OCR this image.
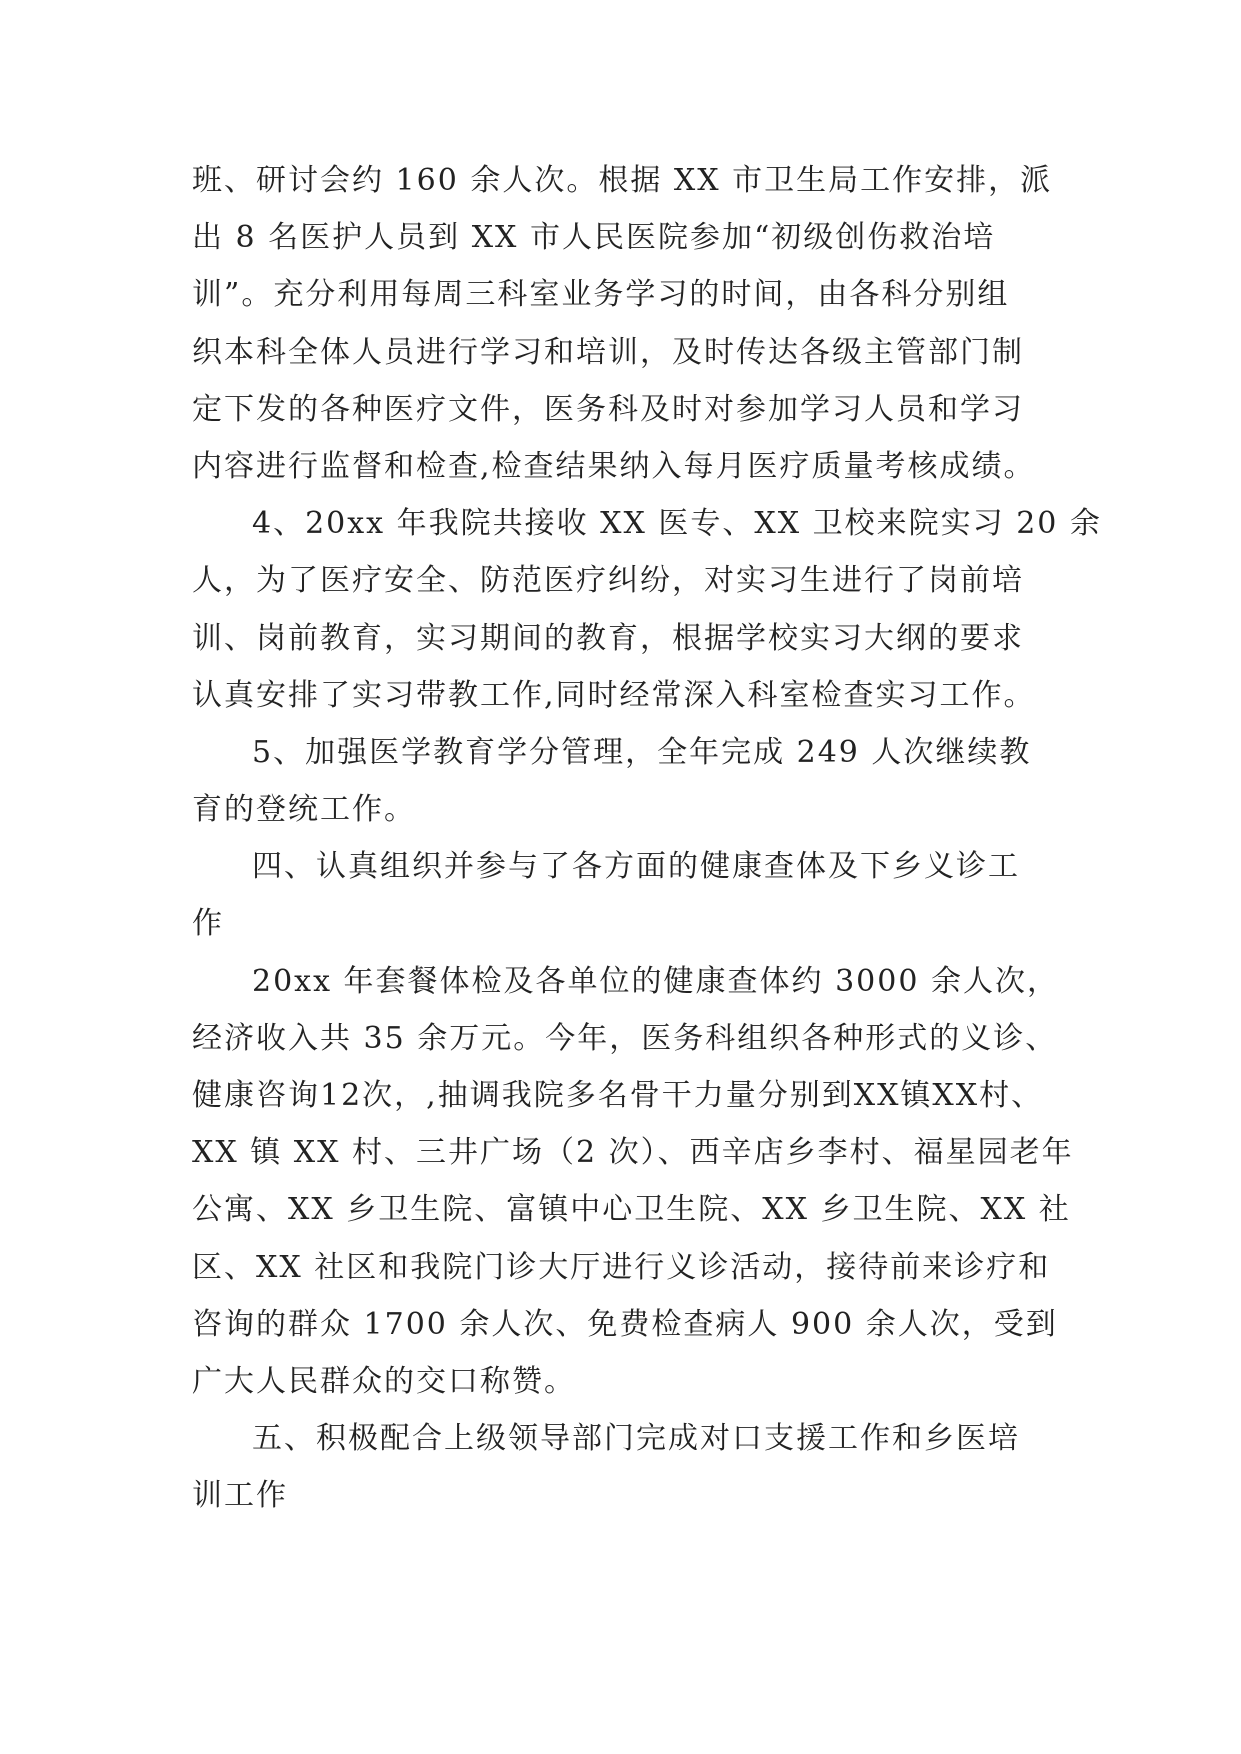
班、研讨会约 160 余人次。根据 XX 市卫生局工作安排，派
出 8 名医护人员到 XX 市人民医院参加“初级创伤救治培
训”。充分利用每周三科室业务学习的时间，由各科分别组
织本科全体人员进行学习和培训，及时传达各级主管部门制
定下发的各种医疗文件，医务科及时对参加学习人员和学习
内容进行监督和检查,检查结果纳入每月医疗质量考核成绩。
4、20xx 年我院共接收 XX 医专、XX 卫校来院实习 20 余
人，为了医疗安全、防范医疗纠纷，对实习生进行了岗前培
训、岗前教育，实习期间的教育，根据学校实习大纲的要求
认真安排了实习带教工作,同时经常深入科室检查实习工作。
5、加强医学教育学分管理，全年完成 249 人次继续教
育的登统工作。
四、认真组织并参与了各方面的健康查体及下乡义诊工
作
20xx 年套餐体检及各单位的健康查体约 3000 余人次，
经济收入共 35 余万元。今年，医务科组织各种形式的义诊、
健康咨询12次，,抽调我院多名骨干力量分别到XX镇XX村、
XX 镇 XX 村、三井广场（2 次）、西辛店乡李村、福星园老年
公寓、XX 乡卫生院、富镇中心卫生院、XX 乡卫生院、XX 社
区、XX 社区和我院门诊大厅进行义诊活动，接待前来诊疗和
咨询的群众 1700 余人次、免费检查病人 900 余人次，受到
广大人民群众的交口称赞。
五、积极配合上级领导部门完成对口支援工作和乡医培
训工作
